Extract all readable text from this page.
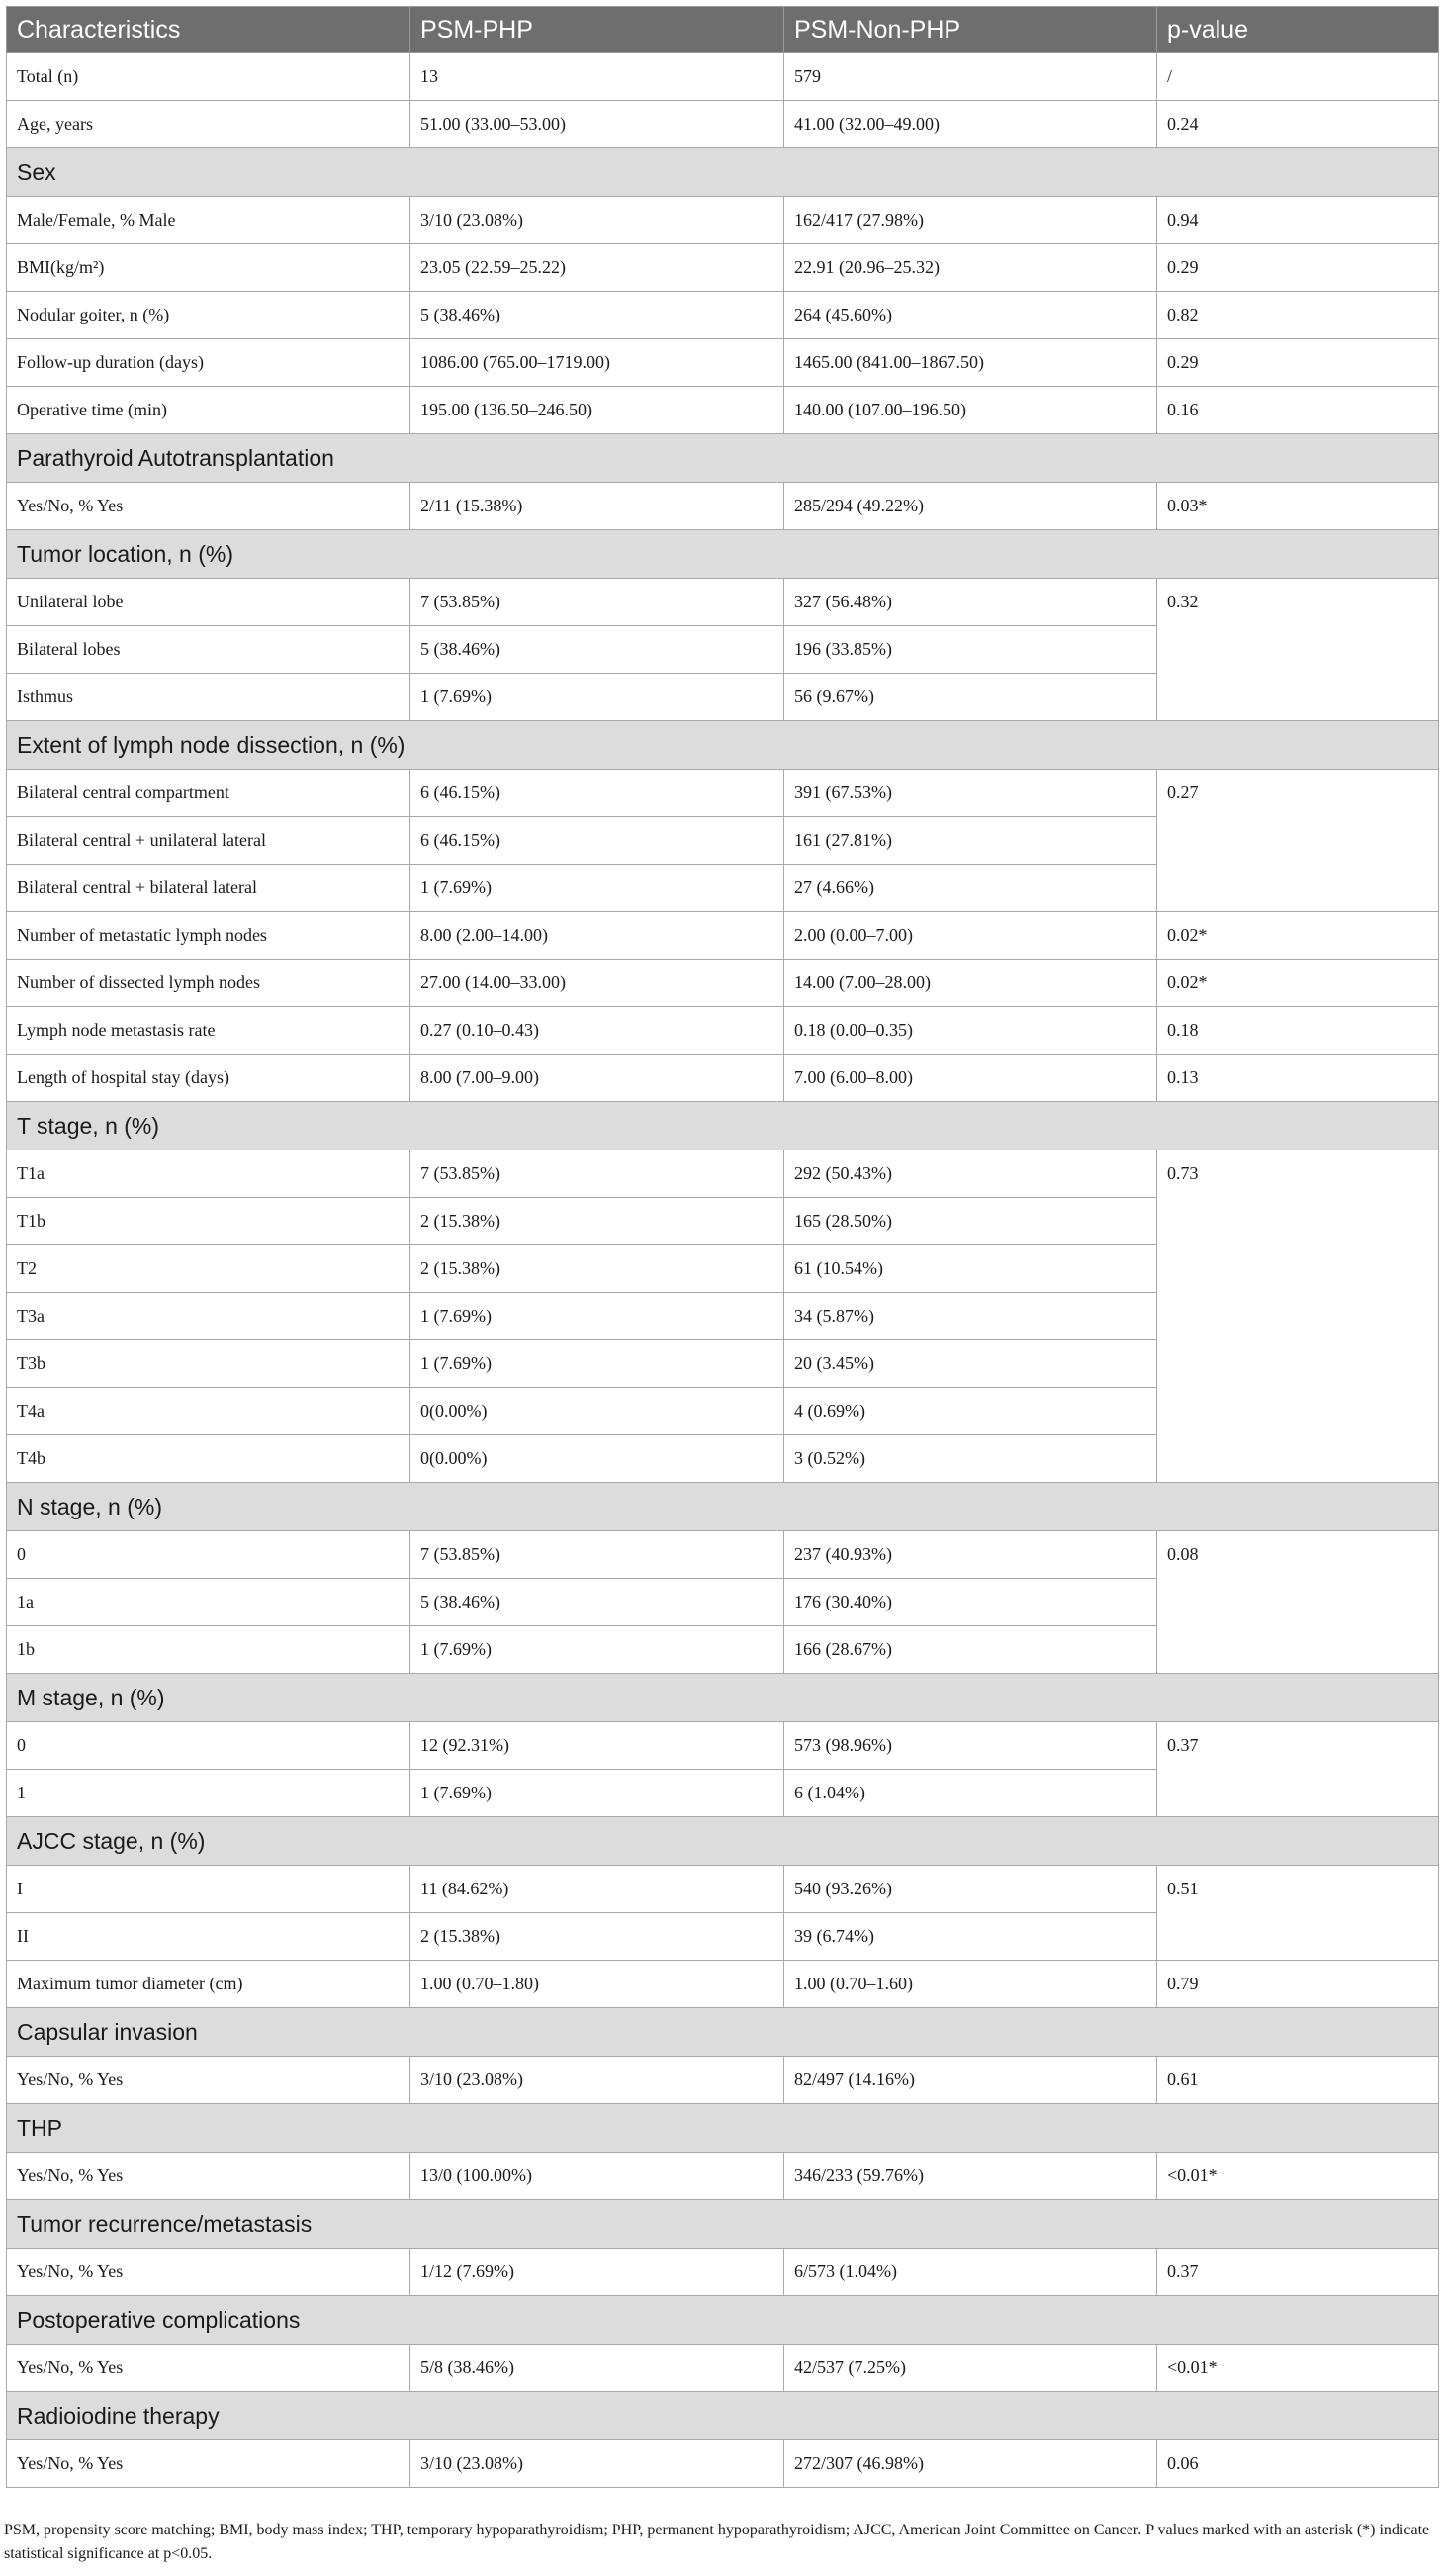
Characteristics	PSM-PHP	PSM-Non-PHP	p-value
Total (n)	13	579	/
Age, years	51.00 (33.00–53.00)	41.00 (32.00–49.00)	0.24
Sex			
Male/Female, % Male	3/10 (23.08%)	162/417 (27.98%)	0.94
BMI(kg/m²)	23.05 (22.59–25.22)	22.91 (20.96–25.32)	0.29
Nodular goiter, n (%)	5 (38.46%)	264 (45.60%)	0.82
Follow-up duration (days)	1086.00 (765.00–1719.00)	1465.00 (841.00–1867.50)	0.29
Operative time (min)	195.00 (136.50–246.50)	140.00 (107.00–196.50)	0.16
Parathyroid Autotransplantation			
Yes/No, % Yes	2/11 (15.38%)	285/294 (49.22%)	0.03*
Tumor location, n (%)			
Unilateral lobe	7 (53.85%)	327 (56.48%)	0.32
Bilateral lobes	5 (38.46%)	196 (33.85%)	
Isthmus	1 (7.69%)	56 (9.67%)	
Extent of lymph node dissection, n (%)			
Bilateral central compartment	6 (46.15%)	391 (67.53%)	0.27
Bilateral central + unilateral lateral	6 (46.15%)	161 (27.81%)	
Bilateral central + bilateral lateral	1 (7.69%)	27 (4.66%)	
Number of metastatic lymph nodes	8.00 (2.00–14.00)	2.00 (0.00–7.00)	0.02*
Number of dissected lymph nodes	27.00 (14.00–33.00)	14.00 (7.00–28.00)	0.02*
Lymph node metastasis rate	0.27 (0.10–0.43)	0.18 (0.00–0.35)	0.18
Length of hospital stay (days)	8.00 (7.00–9.00)	7.00 (6.00–8.00)	0.13
T stage, n (%)			
T1a	7 (53.85%)	292 (50.43%)	0.73
T1b	2 (15.38%)	165 (28.50%)	
T2	2 (15.38%)	61 (10.54%)	
T3a	1 (7.69%)	34 (5.87%)	
T3b	1 (7.69%)	20 (3.45%)	
T4a	0(0.00%)	4 (0.69%)	
T4b	0(0.00%)	3 (0.52%)	
N stage, n (%)			
0	7 (53.85%)	237 (40.93%)	0.08
1a	5 (38.46%)	176 (30.40%)	
1b	1 (7.69%)	166 (28.67%)	
M stage, n (%)			
0	12 (92.31%)	573 (98.96%)	0.37
1	1 (7.69%)	6 (1.04%)	
AJCC stage, n (%)			
I	11 (84.62%)	540 (93.26%)	0.51
II	2 (15.38%)	39 (6.74%)	
Maximum tumor diameter (cm)	1.00 (0.70–1.80)	1.00 (0.70–1.60)	0.79
Capsular invasion			
Yes/No, % Yes	3/10 (23.08%)	82/497 (14.16%)	0.61
THP			
Yes/No, % Yes	13/0 (100.00%)	346/233 (59.76%)	<0.01*
Tumor recurrence/metastasis			
Yes/No, % Yes	1/12 (7.69%)	6/573 (1.04%)	0.37
Postoperative complications			
Yes/No, % Yes	5/8 (38.46%)	42/537 (7.25%)	<0.01*
Radioiodine therapy			
Yes/No, % Yes	3/10 (23.08%)	272/307 (46.98%)	0.06
PSM, propensity score matching; BMI, body mass index; THP, temporary hypoparathyroidism; PHP, permanent hypoparathyroidism; AJCC, American Joint Committee on Cancer. P values marked with an asterisk (*) indicate statistical significance at p<0.05.
